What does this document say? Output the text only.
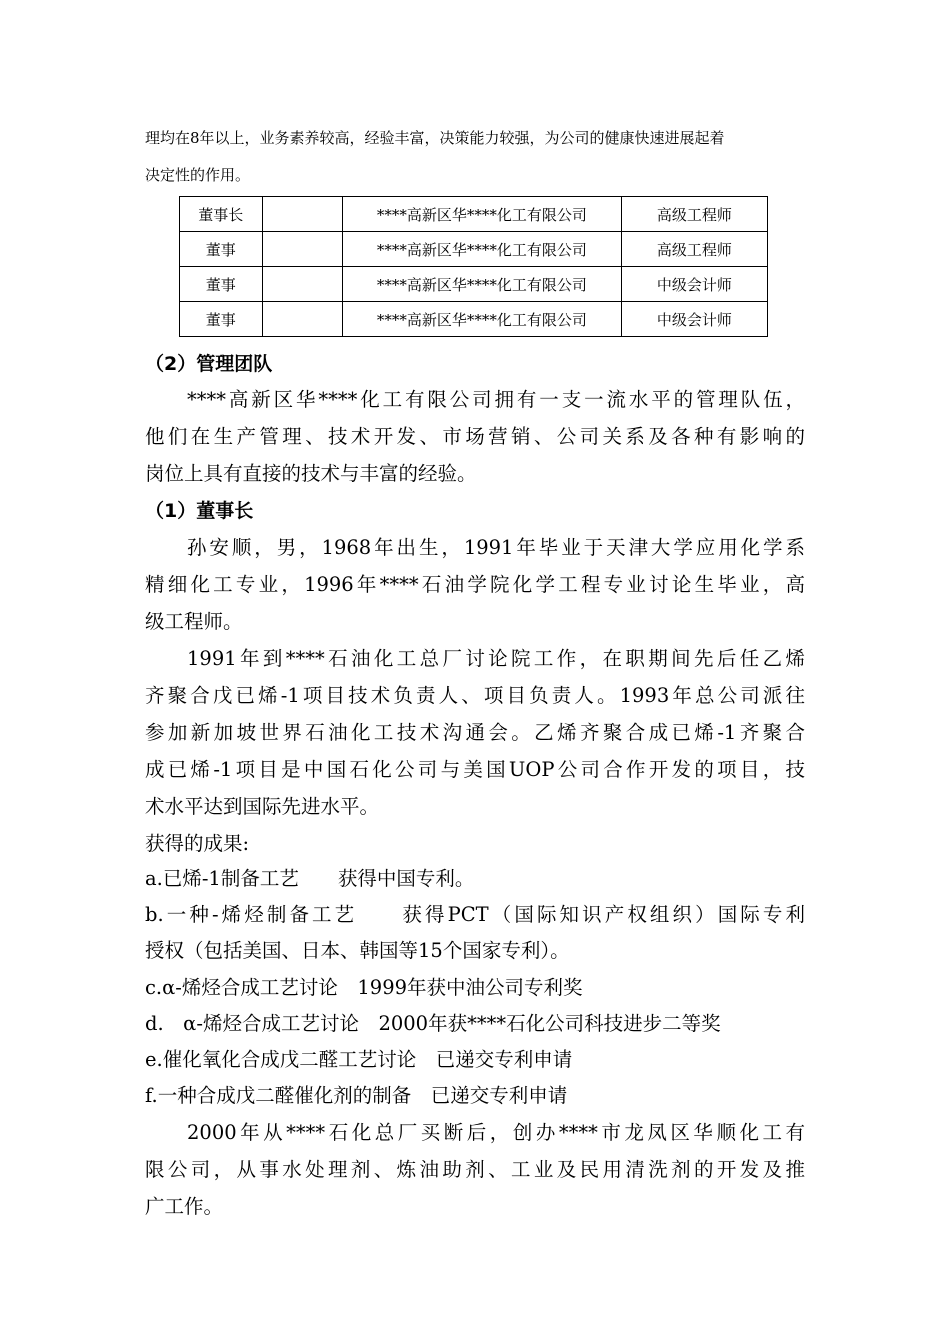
理均在8年以上，业务素养较高，经验丰富，决策能力较强，为公司的健康快速进展起着
决定性的作用。
董事长		****高新区华****化工有限公司	高级工程师
董事		****高新区华****化工有限公司	高级工程师
董事		****高新区华****化工有限公司	中级会计师
董事		****高新区华****化工有限公司	中级会计师
（2）管理团队
****高新区华****化工有限公司拥有一支一流水平的管理队伍，
他们在生产管理、技术开发、市场营销、公司关系及各种有影响的
岗位上具有直接的技术与丰富的经验。
（1）董事长
孙安顺，男，1968年出生，1991年毕业于天津大学应用化学系
精细化工专业，1996年****石油学院化学工程专业讨论生毕业，高
级工程师。
1991年到****石油化工总厂讨论院工作，在职期间先后任乙烯
齐聚合戊已烯-1项目技术负责人、项目负责人。1993年总公司派往
参加新加坡世界石油化工技术沟通会。乙烯齐聚合成已烯-1齐聚合
成已烯-1项目是中国石化公司与美国UOP公司合作开发的项目，技
术水平达到国际先进水平。
获得的成果:
a.已烯-1制备工艺　　获得中国专利。
b.一种-烯烃制备工艺　　获得PCT（国际知识产权组织）国际专利
授权（包括美国、日本、韩国等15个国家专利）。
c.α-烯烃合成工艺讨论　1999年获中油公司专利奖
d.　α-烯烃合成工艺讨论　2000年获****石化公司科技进步二等奖
e.催化氧化合成戊二醛工艺讨论　已递交专利申请
f.一种合成戊二醛催化剂的制备　已递交专利申请
2000年从****石化总厂买断后，创办****市龙凤区华顺化工有
限公司，从事水处理剂、炼油助剂、工业及民用清洗剂的开发及推
广工作。
